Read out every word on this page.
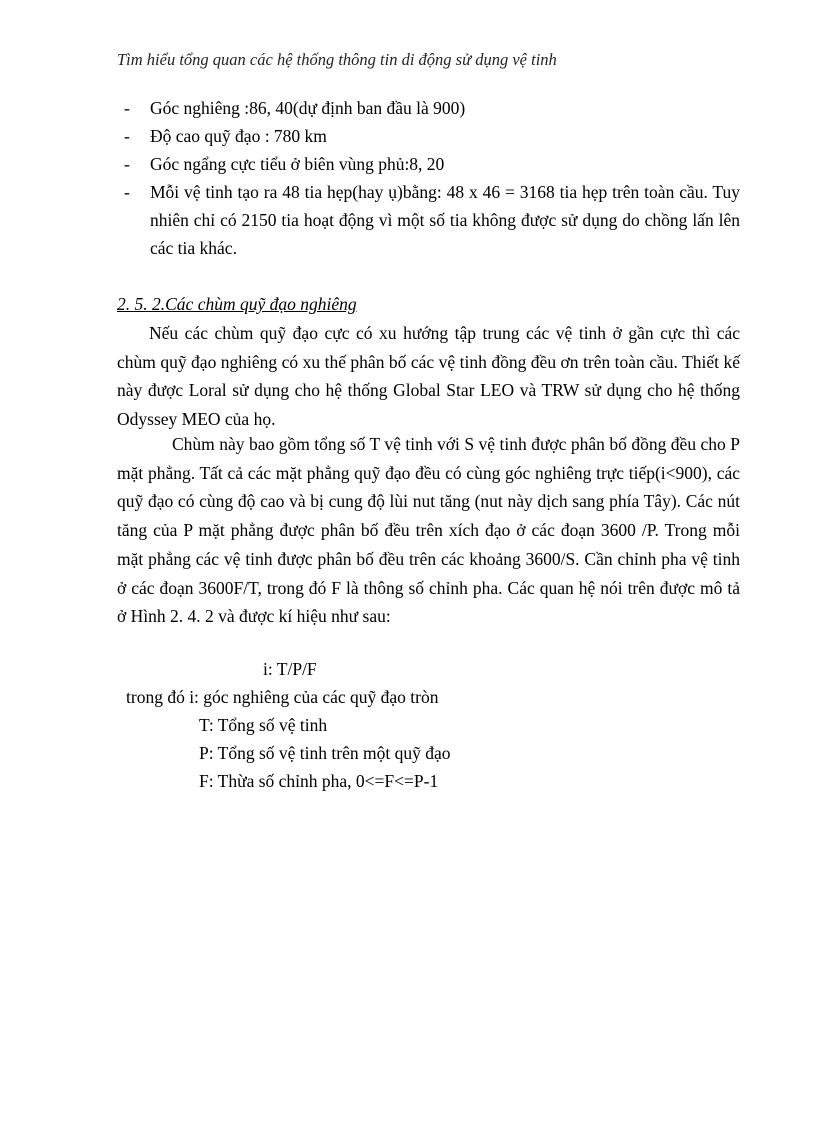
Tìm hiểu tổng quan các hệ thống thông tin di động sử dụng vệ tinh
- Góc nghiêng :86, 40(dự định ban đầu là 900)
- Độ cao quỹ đạo : 780 km
- Góc ngẩng cực tiểu ở biên vùng phủ:8, 20
- Mỗi vệ tinh tạo ra 48 tia hẹp(hay ụ)bằng: 48 x 46 = 3168 tia hẹp trên toàn cầu. Tuy nhiên chỉ có 2150 tia hoạt động vì một số tia không được sử dụng do chồng lấn lên các tia khác.
2. 5. 2.Các chùm quỹ đạo nghiêng

Nếu các chùm quỹ đạo cực có xu hướng tập trung các vệ tinh ở gần cực thì các chùm quỹ đạo nghiêng có xu thế phân bố các vệ tinh đồng đều ơn trên toàn cầu. Thiết kế này được Loral sử dụng cho hệ thống Global Star LEO và TRW sử dụng cho hệ thống Odyssey MEO của họ.

Chùm này bao gồm tổng số T vệ tinh với S vệ tinh được phân bố đồng đều cho P mặt phẳng. Tất cả các mặt phẳng quỹ đạo đều có cùng góc nghiêng trực tiếp(i<900), các quỹ đạo có cùng độ cao và bị cung độ lùi nut tăng (nut này dịch sang phía Tây). Các nút tăng của P mặt phẳng được phân bố đều trên xích đạo ở các đoạn 3600 /P. Trong mỗi mặt phẳng các vệ tinh được phân bố đều trên các khoảng 3600/S. Cần chỉnh pha vệ tinh ở các đoạn 3600F/T, trong đó F là thông số chỉnh pha. Các quan hệ nói trên được mô tả ở Hình 2. 4. 2 và được kí hiệu như sau:

i: T/P/F
trong đó i: góc nghiêng của các quỹ đạo tròn
T: Tổng số vệ tinh
P: Tổng số vệ tinh trên một quỹ đạo
F: Thừa số chỉnh pha, 0<=F<=P-1
